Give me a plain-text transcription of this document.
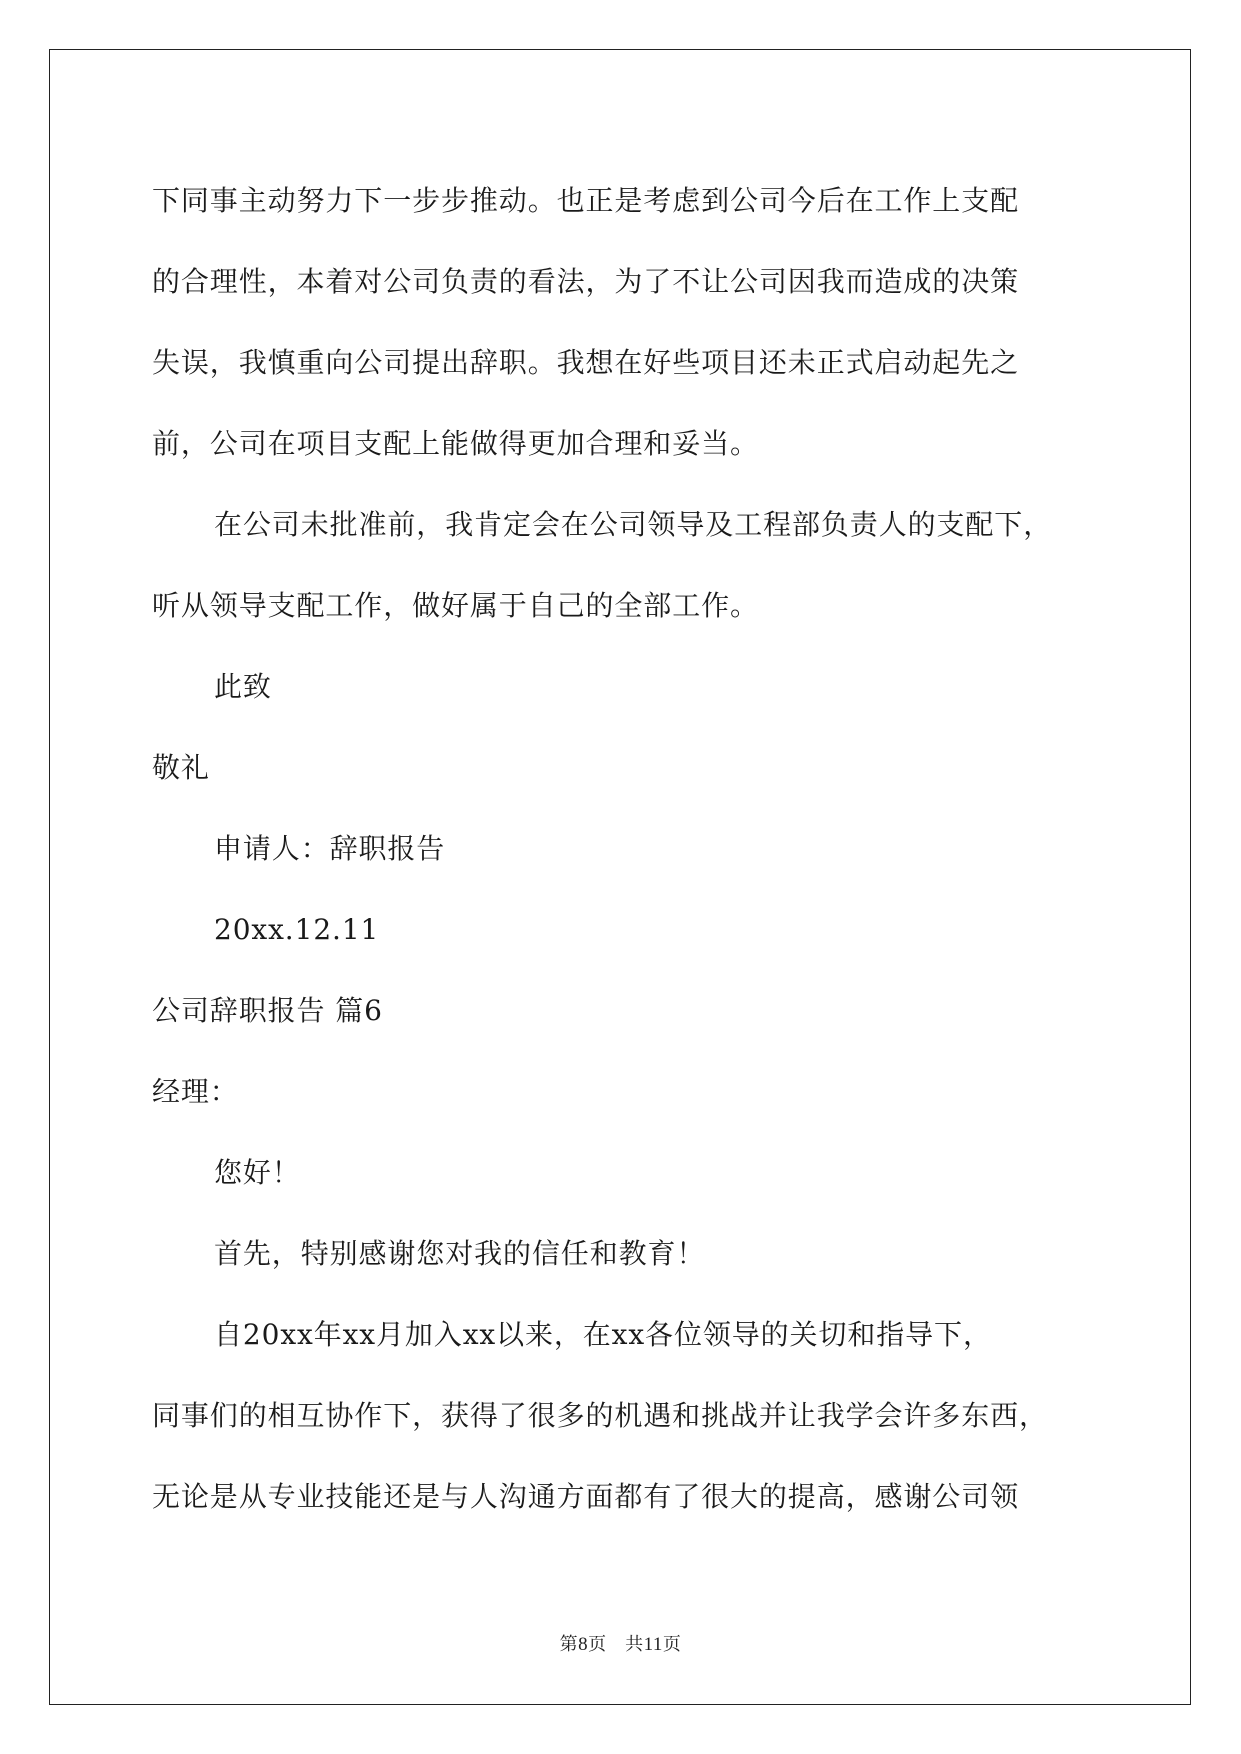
下同事主动努力下一步步推动。也正是考虑到公司今后在工作上支配
的合理性，本着对公司负责的看法，为了不让公司因我而造成的决策
失误，我慎重向公司提出辞职。我想在好些项目还未正式启动起先之
前，公司在项目支配上能做得更加合理和妥当。
在公司未批准前，我肯定会在公司领导及工程部负责人的支配下，
听从领导支配工作，做好属于自己的全部工作。
此致
敬礼
申请人：辞职报告
20xx.12.11
公司辞职报告 篇6
经理：
您好！
首先，特别感谢您对我的信任和教育！
自20xx年xx月加入xx以来，在xx各位领导的关切和指导下，
同事们的相互协作下，获得了很多的机遇和挑战并让我学会许多东西，
无论是从专业技能还是与人沟通方面都有了很大的提高，感谢公司领
第8页　共11页
